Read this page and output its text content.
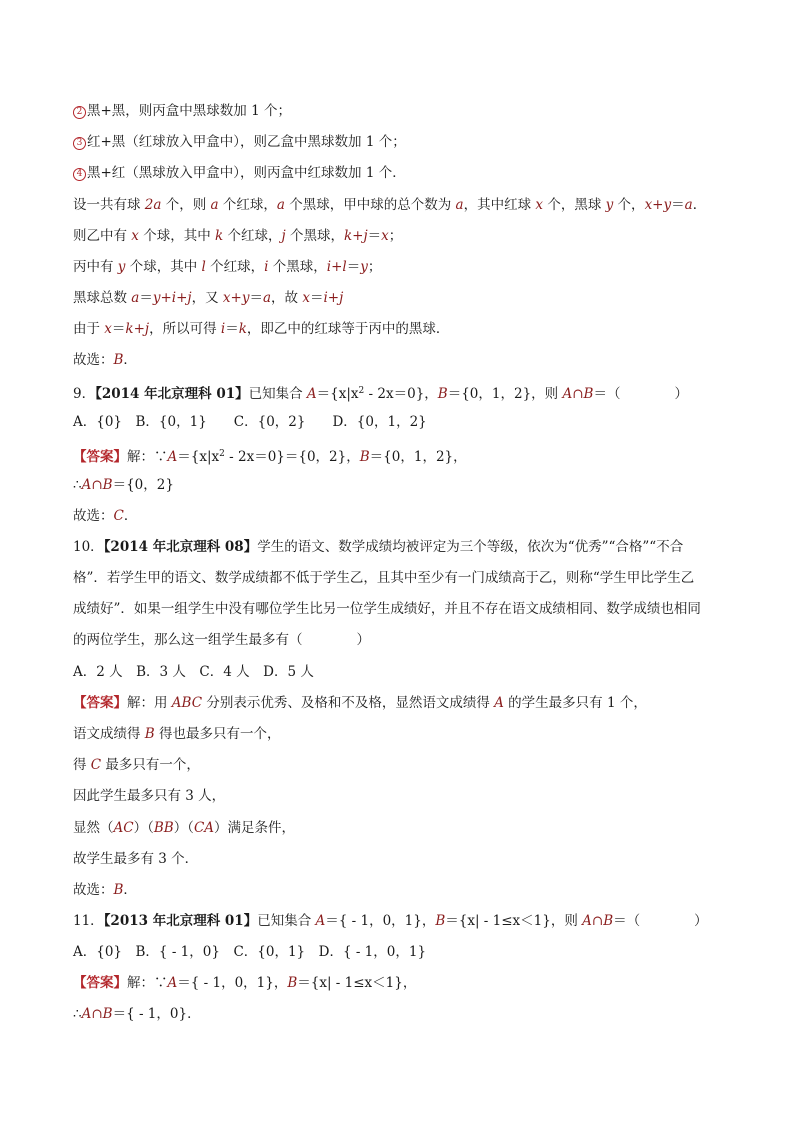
2 黑+黑，则丙盒中黑球数加 1 个；
3 红+黑（红球放入甲盒中），则乙盒中黑球数加 1 个；
4 黑+红（黑球放入甲盒中），则丙盒中红球数加 1 个．
设一共有球 2a 个，则 a 个红球，a 个黑球，甲中球的总个数为 a，其中红球 x 个，黑球 y 个，x+y＝a．
则乙中有 x 个球，其中 k 个红球，j 个黑球，k+j＝x；
丙中有 y 个球，其中 l 个红球，i 个黑球，i+l＝y；
黑球总数 a＝y+i+j，又 x+y＝a，故 x＝i+j
由于 x＝k+j，所以可得 i＝k，即乙中的红球等于丙中的黑球．
故选：B．
9．【2014 年北京理科 01】已知集合 $A=\{x|x^2 - 2x=0\}$，B＝{0，1，2}，则 A∩B＝（　　　　）
A．{0}　B．{0，1}　　C．{0，2}　　D．{0，1，2}
【答案】解：$\because A=\{x|x^2 - 2x=0\}=\{0$，2}，B＝{0，1，2}，
∴A∩B＝{0，2}
故选：C．
10．【2014 年北京理科 08】学生的语文、数学成绩均被评定为三个等级，依次为“优秀”“合格”“不合
格”．若学生甲的语文、数学成绩都不低于学生乙，且其中至少有一门成绩高于乙，则称“学生甲比学生乙
成绩好”．如果一组学生中没有哪位学生比另一位学生成绩好，并且不存在语文成绩相同、数学成绩也相同
的两位学生，那么这一组学生最多有（　　　　）
A．2 人　B．3 人　C．4 人　D．5 人
【答案】解：用 ABC 分别表示优秀、及格和不及格，显然语文成绩得 A 的学生最多只有 1 个，
语文成绩得 B 得也最多只有一个，
得 C 最多只有一个，
因此学生最多只有 3 人，
显然（AC）（BB）（CA）满足条件，
故学生最多有 3 个．
故选：B．
11．【2013 年北京理科 01】已知集合 A＝{ - 1，0，1}，B＝{x| - 1≤x＜1}，则 A∩B＝（　　　　）
A．{0}　B．{ - 1，0}　C．{0，1}　D．{ - 1，0，1}
【答案】解：∵A＝{ - 1，0，1}，B＝{x| - 1≤x＜1}，
∴A∩B＝{ - 1，0}．
